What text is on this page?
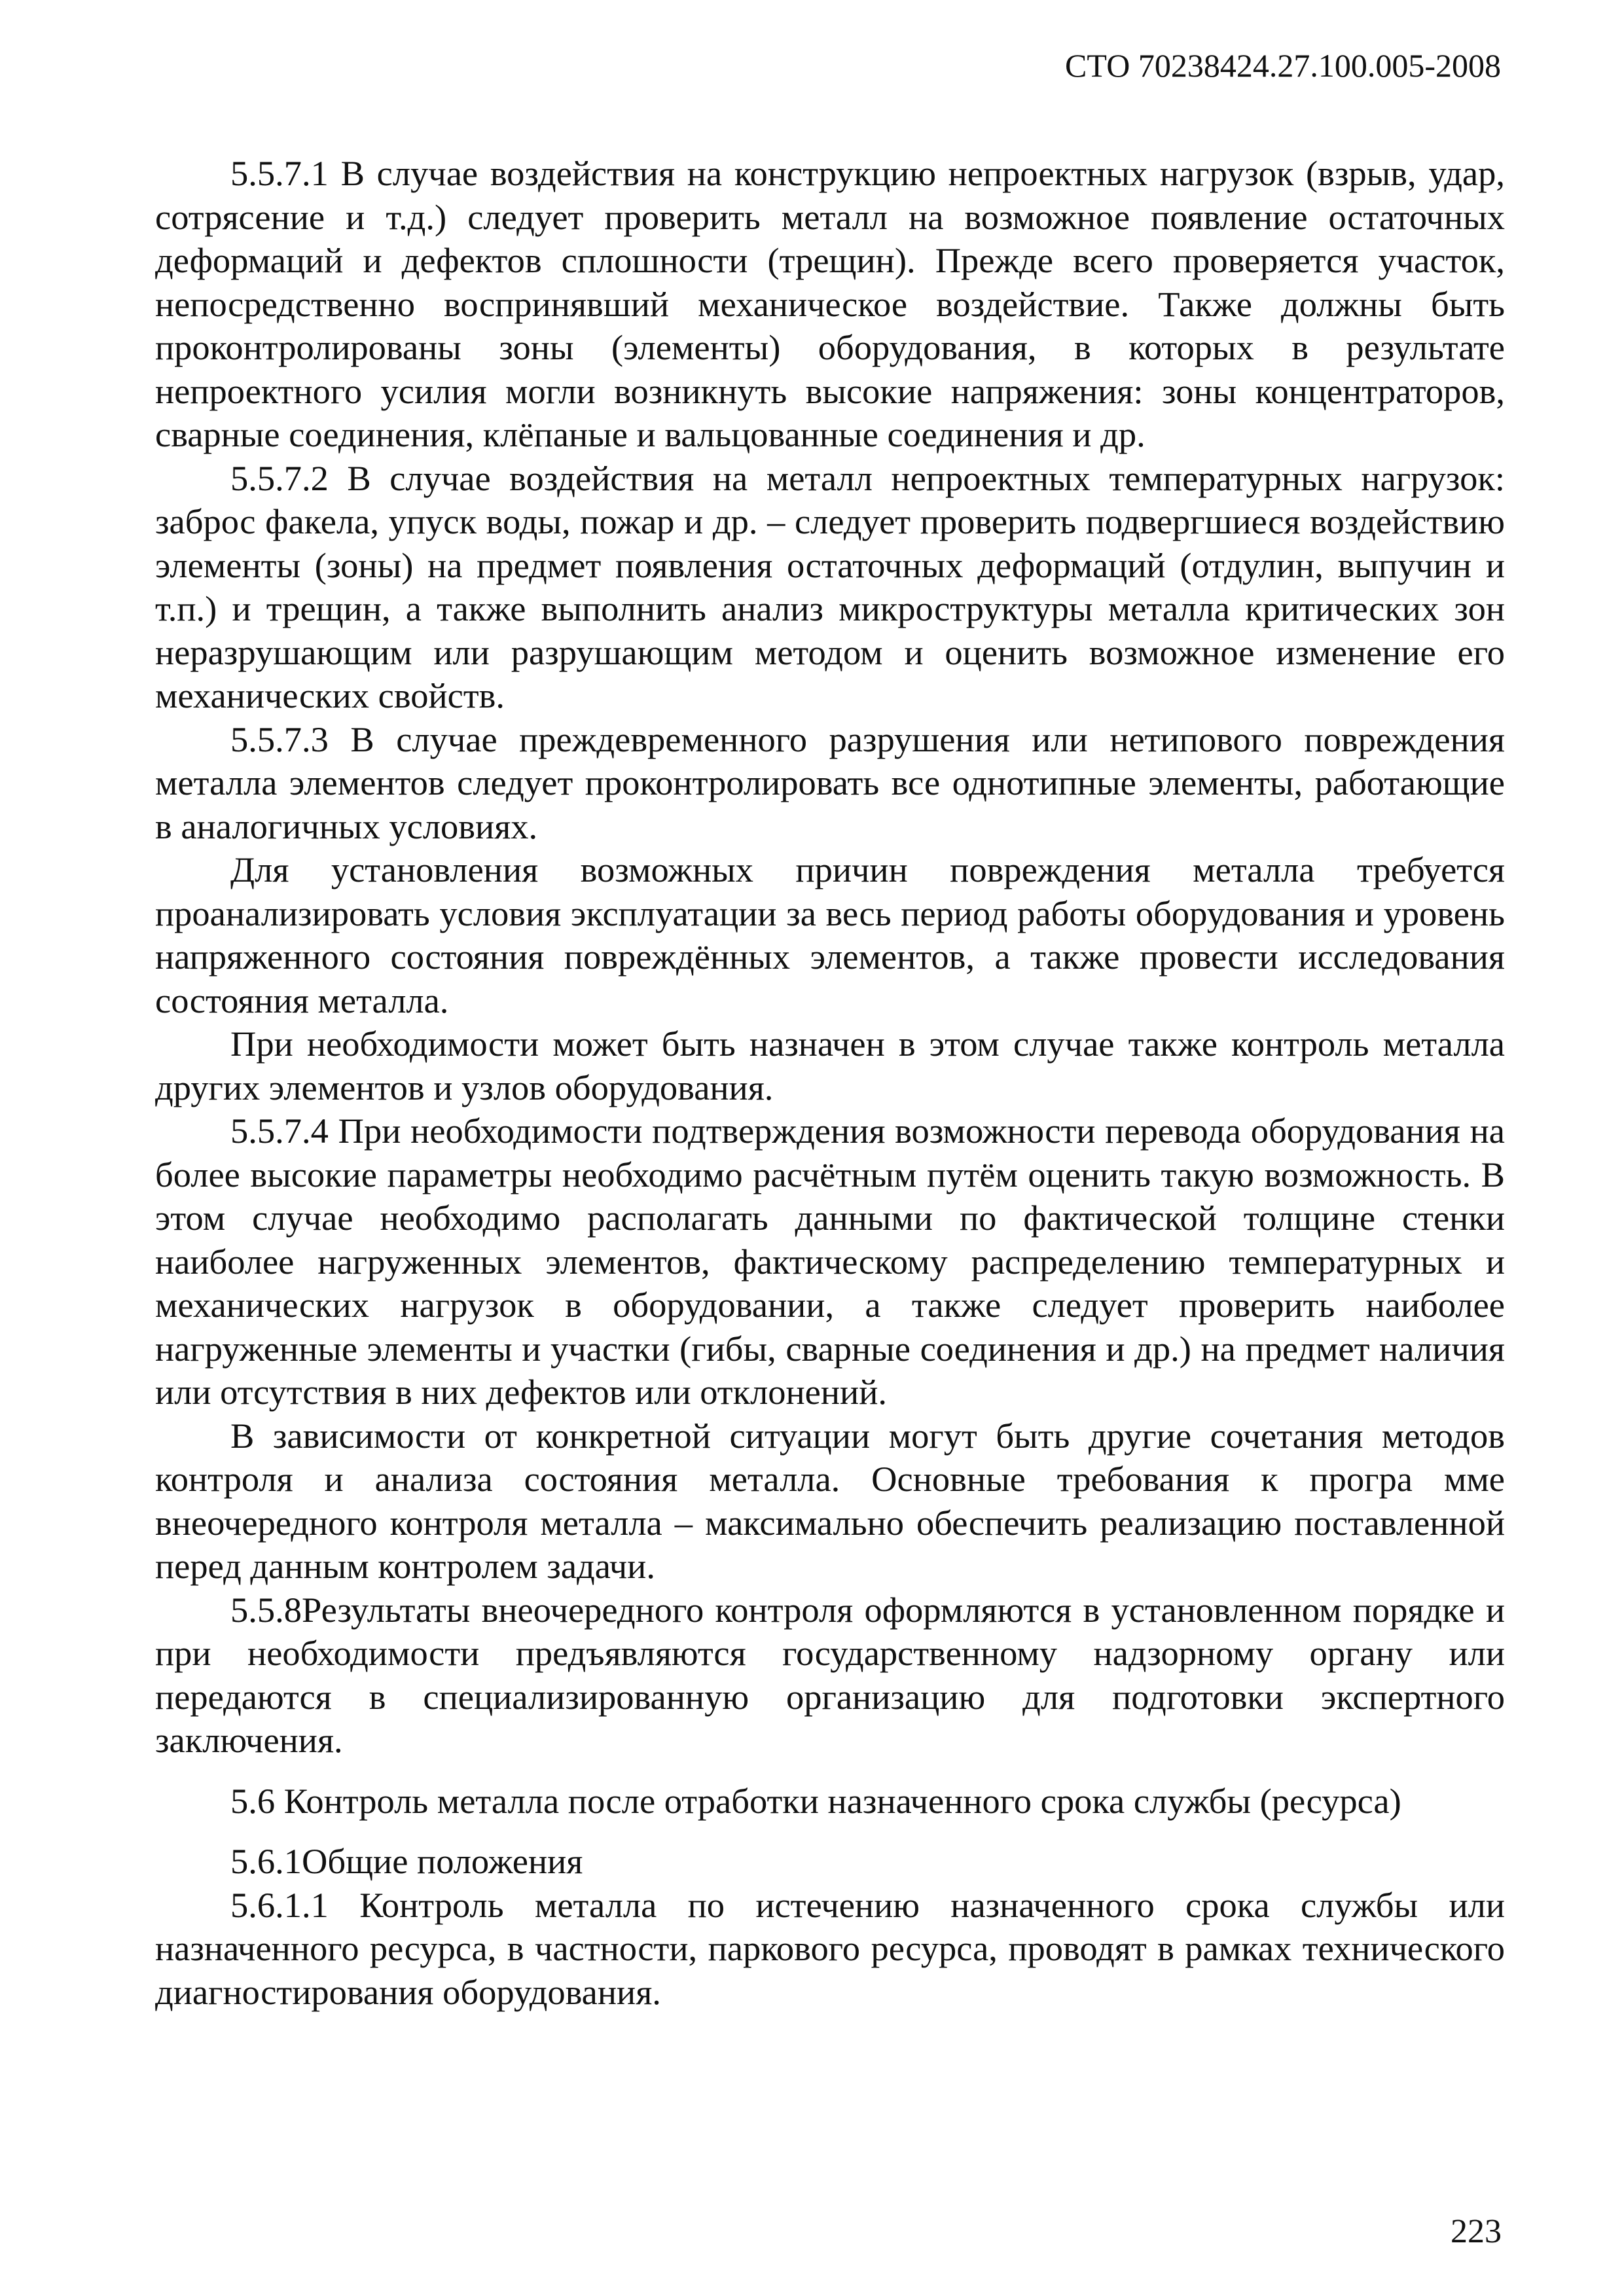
СТО 70238424.27.100.005-2008

5.5.7.1 В случае воздействия на конструкцию непроектных нагрузок (взрыв, удар, сотрясение и т.д.) следует проверить металл на возможное появление остаточных деформаций и дефектов сплошности (трещин). Прежде всего проверяется участок, непосредственно воспринявший механическое воздействие. Также должны быть проконтролированы зоны (элементы) оборудования, в которых в результате непроектного усилия могли возникнуть высокие напряжения: зоны концентраторов, сварные соединения, клёпаные и вальцованные соединения и др.

5.5.7.2 В случае воздействия на металл непроектных температурных нагрузок: заброс факела, упуск воды, пожар и др. – следует проверить подвергшиеся воздействию элементы (зоны) на предмет появления остаточных деформаций (отдулин, выпучин и т.п.) и трещин, а также выполнить анализ микроструктуры металла критических зон неразрушающим или разрушающим методом и оценить возможное изменение его механических свойств.

5.5.7.3 В случае преждевременного разрушения или нетипового повреждения металла элементов следует проконтролировать все однотипные элементы, работающие в аналогичных условиях.

Для установления возможных причин повреждения металла требуется проанализировать условия эксплуатации за весь период работы оборудования и уровень напряженного состояния повреждённых элементов, а также провести исследования состояния металла.

При необходимости может быть назначен в этом случае также контроль металла других элементов и узлов оборудования.

5.5.7.4 При необходимости подтверждения возможности перевода оборудования на более высокие параметры необходимо расчётным путём оценить такую возможность. В этом случае необходимо располагать данными по фактической толщине стенки наиболее нагруженных элементов, фактическому распределению температурных и механических нагрузок в оборудовании, а также следует проверить наиболее нагруженные элементы и участки (гибы, сварные соединения и др.) на предмет наличия или отсутствия в них дефектов или отклонений.

В зависимости от конкретной ситуации могут быть другие сочетания методов контроля и анализа состояния металла. Основные требования к програ мме внеочередного контроля металла – максимально обеспечить реализацию поставленной перед данным контролем задачи.

5.5.8Результаты внеочередного контроля оформляются в установленном порядке и при необходимости предъявляются государственному надзорному органу или передаются в специализированную организацию для подготовки экспертного заключения.

5.6 Контроль металла после отработки назначенного срока службы (ресурса)

5.6.1Общие положения

5.6.1.1 Контроль металла по истечению назначенного срока службы или назначенного ресурса, в частности, паркового ресурса, проводят в рамках технического диагностирования оборудования.

223
